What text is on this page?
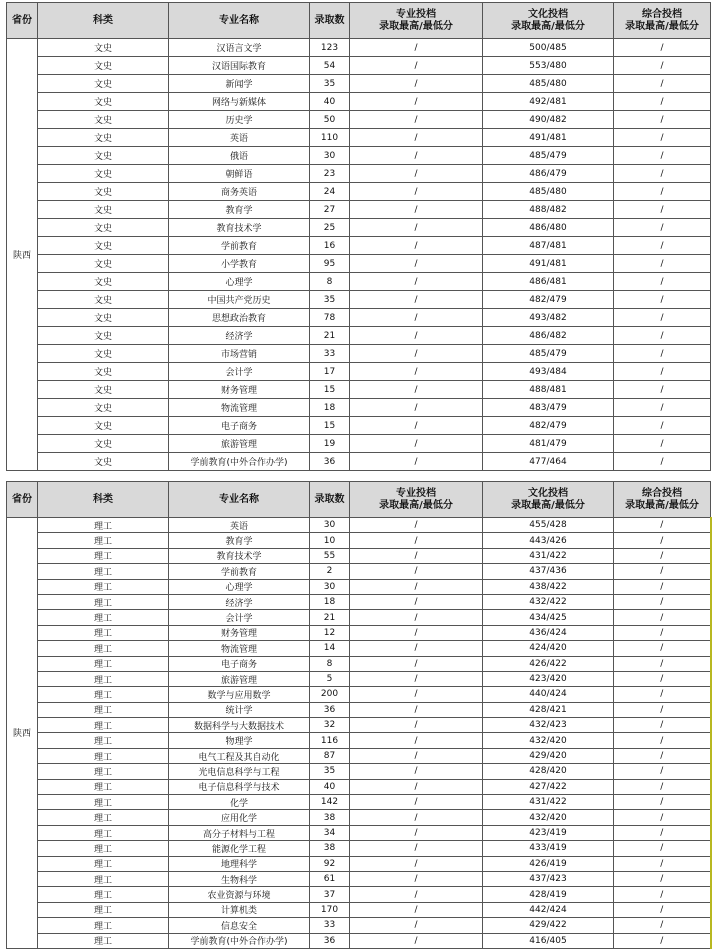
省份	科类	专业名称	录取数	专业投档
录取最高/最低分	文化投档
录取最高/最低分	综合投档
录取最高/最低分

陕西	文史	汉语言文学	123	/	500/485	/
	文史	汉语国际教育	54	/	553/480	/
	文史	新闻学	35	/	485/480	/
	文史	网络与新媒体	40	/	492/481	/
	文史	历史学	50	/	490/482	/
	文史	英语	110	/	491/481	/
	文史	俄语	30	/	485/479	/
	文史	朝鲜语	23	/	486/479	/
	文史	商务英语	24	/	485/480	/
	文史	教育学	27	/	488/482	/
	文史	教育技术学	25	/	486/480	/
	文史	学前教育	16	/	487/481	/
	文史	小学教育	95	/	491/481	/
	文史	心理学	8	/	486/481	/
	文史	中国共产党历史	35	/	482/479	/
	文史	思想政治教育	78	/	493/482	/
	文史	经济学	21	/	486/482	/
	文史	市场营销	33	/	485/479	/
	文史	会计学	17	/	493/484	/
	文史	财务管理	15	/	488/481	/
	文史	物流管理	18	/	483/479	/
	文史	电子商务	15	/	482/479	/
	文史	旅游管理	19	/	481/479	/
	文史	学前教育(中外合作办学)	36	/	477/464	/
省份	科类	专业名称	录取数	专业投档
录取最高/最低分	文化投档
录取最高/最低分	综合投档
录取最高/最低分

陕西	理工	英语	30	/	455/428	/
	理工	教育学	10	/	443/426	/
	理工	教育技术学	55	/	431/422	/
	理工	学前教育	2	/	437/436	/
	理工	心理学	30	/	438/422	/
	理工	经济学	18	/	432/422	/
	理工	会计学	21	/	434/425	/
	理工	财务管理	12	/	436/424	/
	理工	物流管理	14	/	424/420	/
	理工	电子商务	8	/	426/422	/
	理工	旅游管理	5	/	423/420	/
	理工	数学与应用数学	200	/	440/424	/
	理工	统计学	36	/	428/421	/
	理工	数据科学与大数据技术	32	/	432/423	/
	理工	物理学	116	/	432/420	/
	理工	电气工程及其自动化	87	/	429/420	/
	理工	光电信息科学与工程	35	/	428/420	/
	理工	电子信息科学与技术	40	/	427/422	/
	理工	化学	142	/	431/422	/
	理工	应用化学	38	/	432/420	/
	理工	高分子材料与工程	34	/	423/419	/
	理工	能源化学工程	38	/	433/419	/
	理工	地理科学	92	/	426/419	/
	理工	生物科学	61	/	437/423	/
	理工	农业资源与环境	37	/	428/419	/
	理工	计算机类	170	/	442/424	/
	理工	信息安全	33	/	429/422	/
	理工	学前教育(中外合作办学)	36	/	416/405	/
